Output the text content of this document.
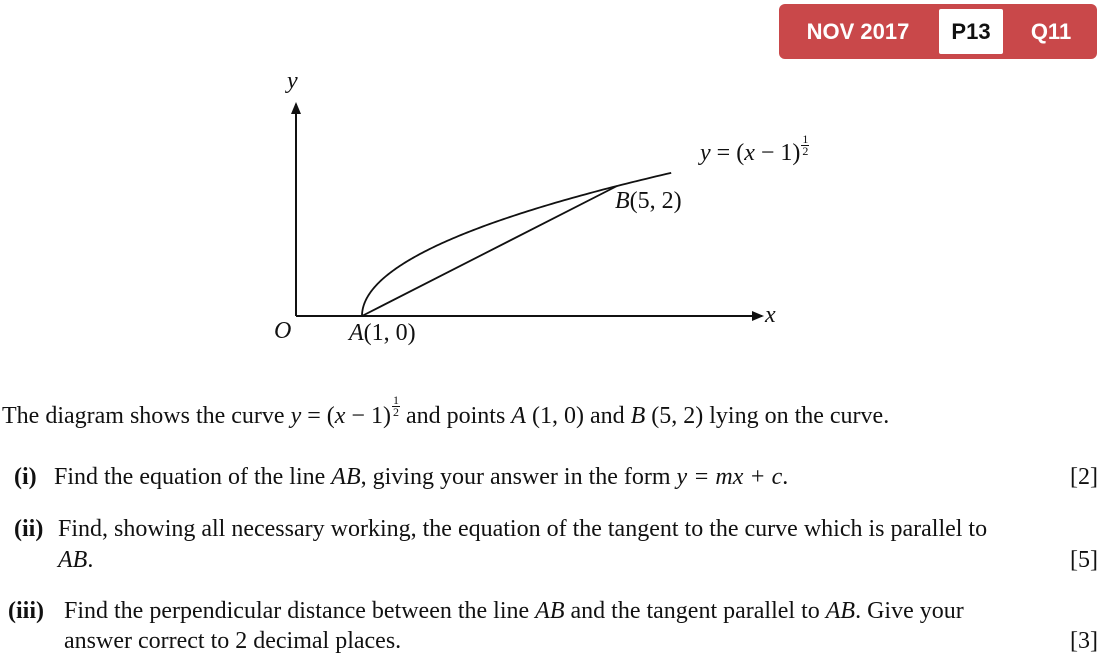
NOV 2017	P13	Q11
y
x
O A(1, 0)
B(5, 2)
$y = (x - 1) \frac{1}{2}$
The diagram shows the curve $y = (x - 1) \frac{1}{2}$ and points A (1, 0) and B (5, 2) lying on the curve.
(i) Find the equation of the line AB, giving your answer in the form y = mx + c.	[2]
(ii) Find, showing all necessary working, the equation of the tangent to the curve which is parallel to
AB.	[5]
(iii) Find the perpendicular distance between the line AB and the tangent parallel to AB. Give your
answer correct to 2 decimal places.	[3]
